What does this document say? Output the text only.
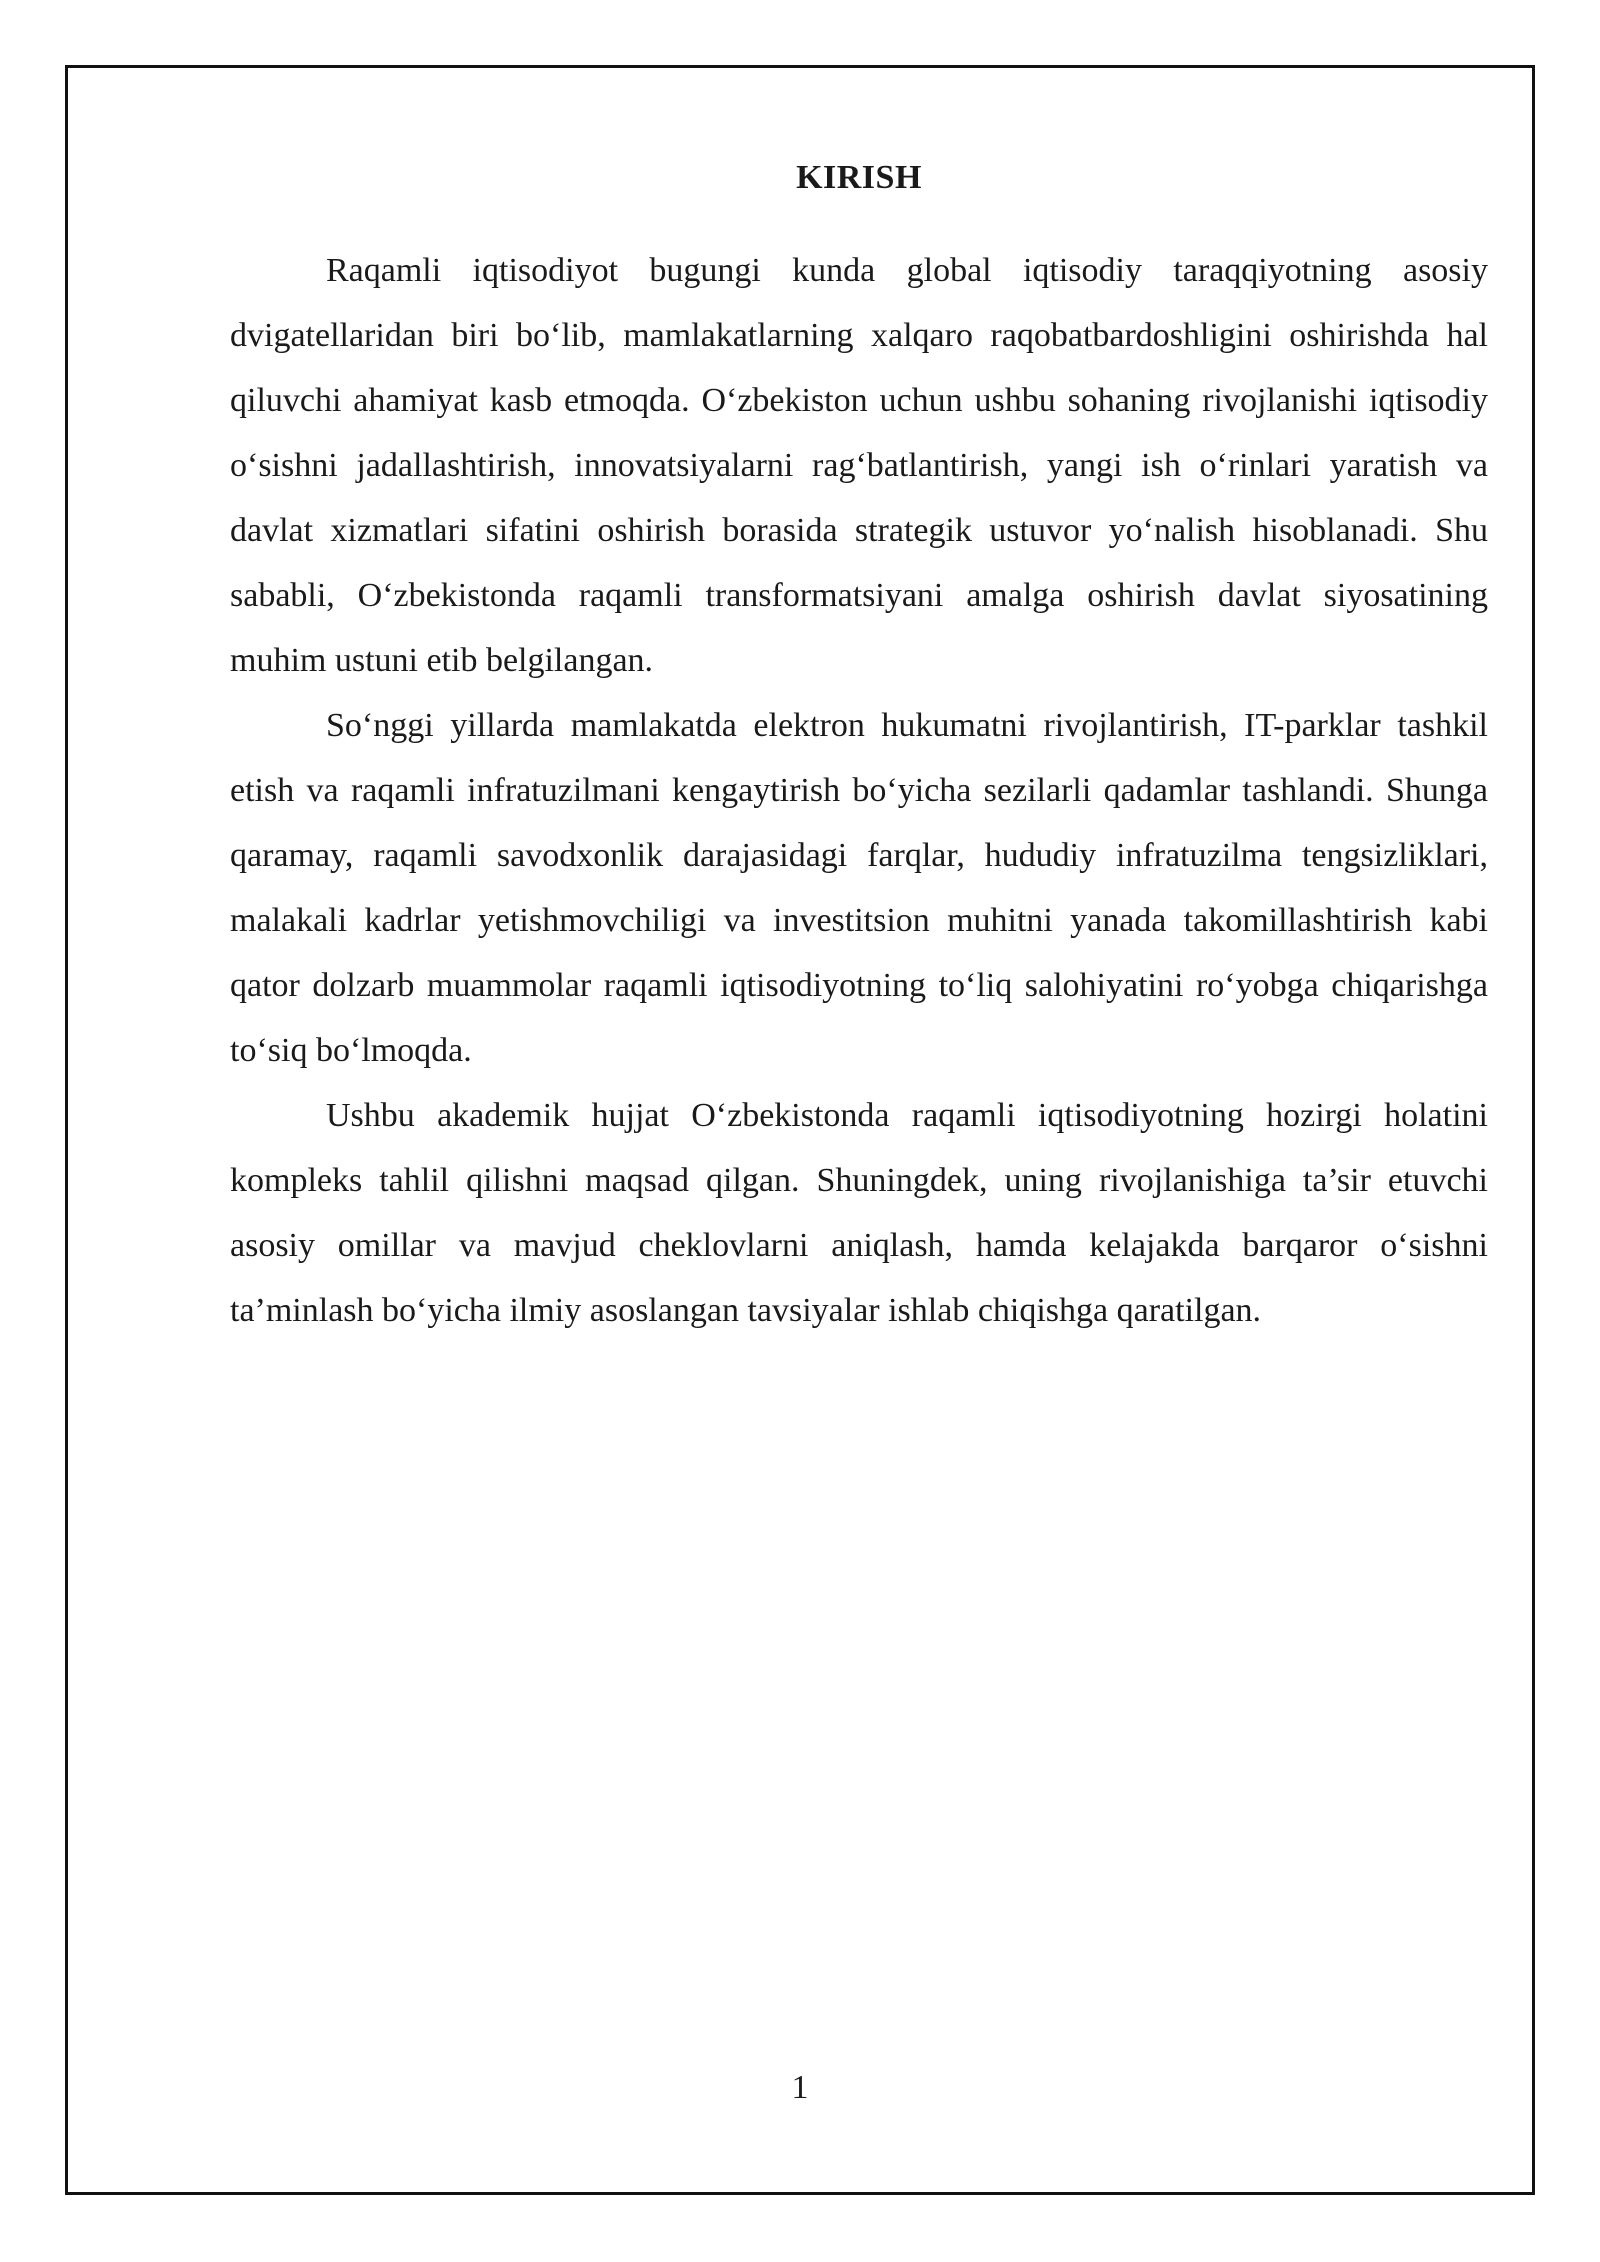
KIRISH

Raqamli iqtisodiyot bugungi kunda global iqtisodiy taraqqiyotning asosiy dvigatellaridan biri bo‘lib, mamlakatlarning xalqaro raqobatbardoshligini oshirishda hal qiluvchi ahamiyat kasb etmoqda. O‘zbekiston uchun ushbu sohaning rivojlanishi iqtisodiy o‘sishni jadallashtirish, innovatsiyalarni rag‘batlantirish, yangi ish o‘rinlari yaratish va davlat xizmatlari sifatini oshirish borasida strategik ustuvor yo‘nalish hisoblanadi. Shu sababli, O‘zbekistonda raqamli transformatsiyani amalga oshirish davlat siyosatining muhim ustuni etib belgilangan.

So‘nggi yillarda mamlakatda elektron hukumatni rivojlantirish, IT-parklar tashkil etish va raqamli infratuzilmani kengaytirish bo‘yicha sezilarli qadamlar tashlandi. Shunga qaramay, raqamli savodxonlik darajasidagi farqlar, hududiy infratuzilma tengsizliklari, malakali kadrlar yetishmovchiligi va investitsion muhitni yanada takomillashtirish kabi qator dolzarb muammolar raqamli iqtisodiyotning to‘liq salohiyatini ro‘yobga chiqarishga to‘siq bo‘lmoqda.

Ushbu akademik hujjat O‘zbekistonda raqamli iqtisodiyotning hozirgi holatini kompleks tahlil qilishni maqsad qilgan. Shuningdek, uning rivojlanishiga ta’sir etuvchi asosiy omillar va mavjud cheklovlarni aniqlash, hamda kelajakda barqaror o‘sishni ta’minlash bo‘yicha ilmiy asoslangan tavsiyalar ishlab chiqishga qaratilgan.

1
